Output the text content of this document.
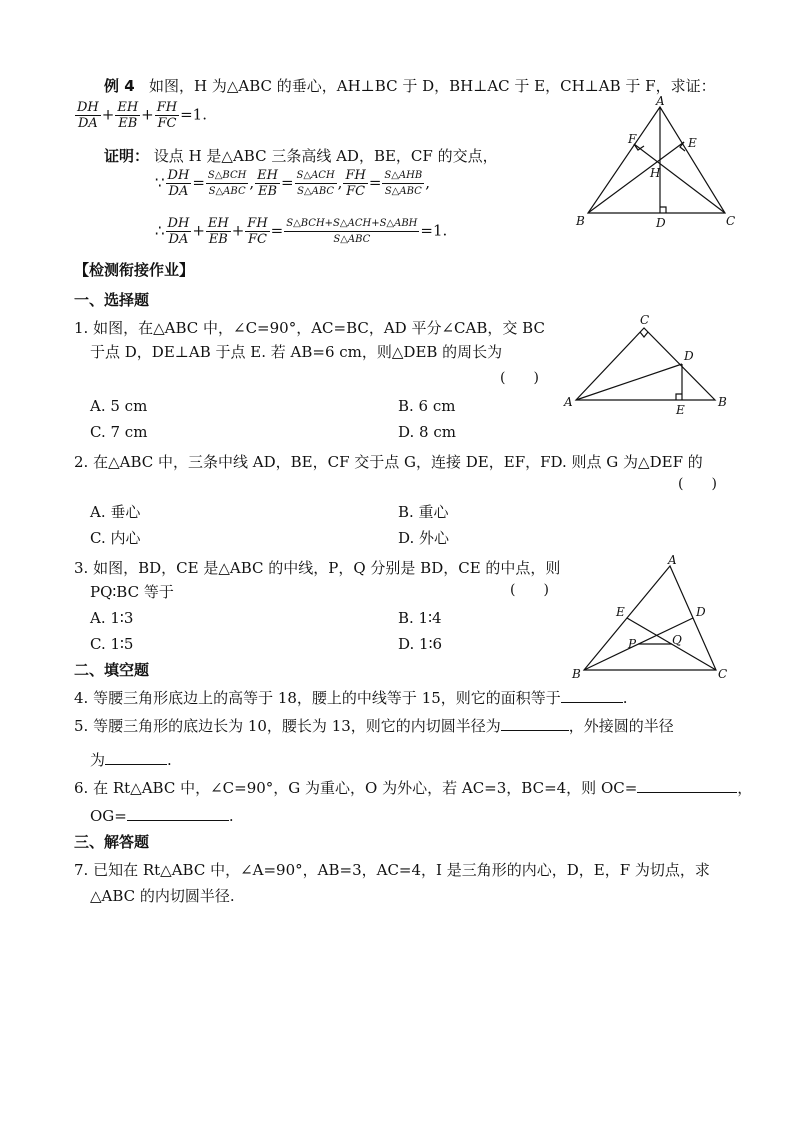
例 4 如图，H 为△ABC 的垂心，AH⊥BC 于 D，BH⊥AC 于 E，CH⊥AB 于 F，求证：
$\frac{DH}{DA} + \frac{EH}{EB} + \frac{FH}{FC} =1$.
证明： 设点 H 是△ABC 三条高线 AD，BE，CF 的交点，
∵ $\frac{DH}{DA} = \frac{\text{S△BCH}}{\text{S△ABC}}$ , $\frac{EH}{EB} = \frac{\text{S△ACH}}{\text{S△ABC}}$ , $\frac{FH}{FC} = \frac{\text{S△AHB}}{\text{S△ABC}}$ ,
∴ $\frac{DH}{DA} + \frac{EH}{EB} + \frac{FH}{FC} = \frac{\text{S△BCH+S△ACH+S△ABH}}{\text{S△ABC}} =1$.
A
B	C
D
E
F
H
【检测衔接作业】
一、选择题
1. 如图，在△ABC 中，∠C=90°，AC=BC，AD 平分∠CAB，交 BC
于点 D，DE⊥AB 于点 E. 若 AB=6 cm，则△DEB 的周长为
(　　)
A. 5 cm	B. 6 cm
C. 7 cm	D. 8 cm
C
A	B
D
E
2. 在△ABC 中，三条中线 AD，BE，CF 交于点 G，连接 DE，EF，FD. 则点 G 为△DEF 的
(　　)
A. 垂心	B. 重心
C. 内心	D. 外心
3. 如图，BD，CE 是△ABC 的中线，P，Q 分别是 BD，CE 的中点，则
PQ∶BC 等于	(　　)
A. 1∶3	B. 1∶4
C. 1∶5	D. 1∶6
A
B	C
D
E
P	Q
二、填空题
4. 等腰三角形底边上的高等于 18，腰上的中线等于 15，则它的面积等于	.
5. 等腰三角形的底边长为 10，腰长为 13，则它的内切圆半径为	，外接圆的半径
为	.
6. 在 Rt△ABC 中，∠C=90°，G 为重心，O 为外心，若 AC=3，BC=4，则 OC=	，
OG=	.
三、解答题
7. 已知在 Rt△ABC 中，∠A=90°，AB=3，AC=4，I 是三角形的内心，D，E，F 为切点，求
△ABC 的内切圆半径.
